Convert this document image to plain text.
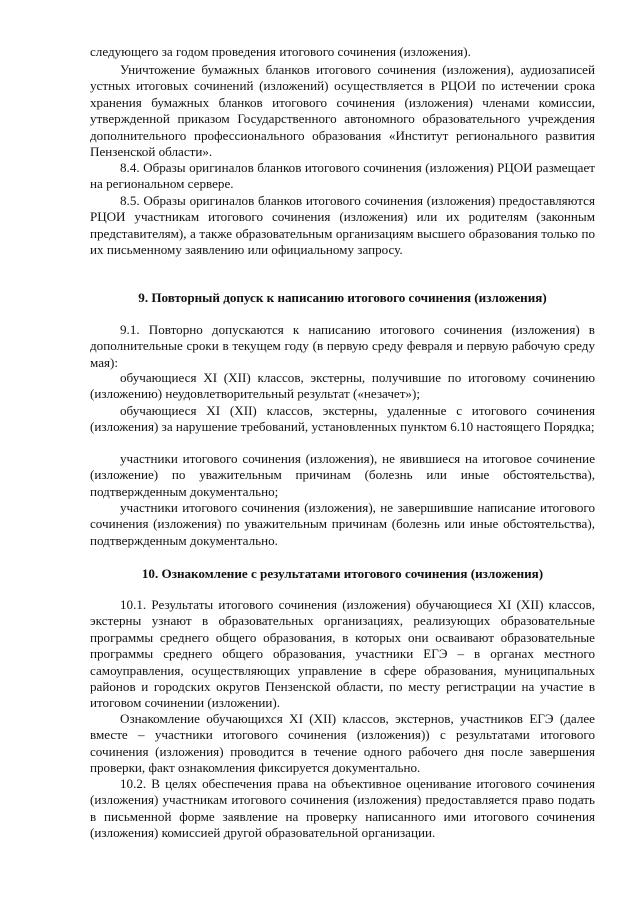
следующего за годом проведения итогового сочинения (изложения).

Уничтожение бумажных бланков итогового сочинения (изложения), аудиозаписей устных итоговых сочинений (изложений) осуществляется в РЦОИ по истечении срока хранения бумажных бланков итогового сочинения (изложения) членами комиссии, утвержденной приказом Государственного автономного образовательного учреждения дополнительного профессионального образования «Институт регионального развития Пензенской области».

8.4. Образы оригиналов бланков итогового сочинения (изложения) РЦОИ размещает на региональном сервере.

8.5. Образы оригиналов бланков итогового сочинения (изложения) предоставляются РЦОИ участникам итогового сочинения (изложения) или их родителям (законным представителям), а также образовательным организациям высшего образования только по их письменному заявлению или официальному запросу.

9. Повторный допуск к написанию итогового сочинения (изложения)

9.1. Повторно допускаются к написанию итогового сочинения (изложения) в дополнительные сроки в текущем году (в первую среду февраля и первую рабочую среду мая):

обучающиеся XI (XII) классов, экстерны, получившие по итоговому сочинению (изложению) неудовлетворительный результат («незачет»);

обучающиеся XI (XII) классов, экстерны, удаленные с итогового сочинения (изложения) за нарушение требований, установленных пунктом 6.10 настоящего Порядка;

участники итогового сочинения (изложения), не явившиеся на итоговое сочинение (изложение) по уважительным причинам (болезнь или иные обстоятельства), подтвержденным документально;

участники итогового сочинения (изложения), не завершившие написание итогового сочинения (изложения) по уважительным причинам (болезнь или иные обстоятельства), подтвержденным документально.

10. Ознакомление с результатами итогового сочинения (изложения)

10.1. Результаты итогового сочинения (изложения) обучающиеся XI (XII) классов, экстерны узнают в образовательных организациях, реализующих образовательные программы среднего общего образования, в которых они осваивают образовательные программы среднего общего образования, участники ЕГЭ – в органах местного самоуправления, осуществляющих управление в сфере образования, муниципальных районов и городских округов Пензенской области, по месту регистрации на участие в итоговом сочинении (изложении).

Ознакомление обучающихся XI (XII) классов, экстернов, участников ЕГЭ (далее вместе – участники итогового сочинения (изложения)) с результатами итогового сочинения (изложения) проводится в течение одного рабочего дня после завершения проверки, факт ознакомления фиксируется документально.

10.2. В целях обеспечения права на объективное оценивание итогового сочинения (изложения) участникам итогового сочинения (изложения) предоставляется право подать в письменной форме заявление на проверку написанного ими итогового сочинения (изложения) комиссией другой образовательной организации.
